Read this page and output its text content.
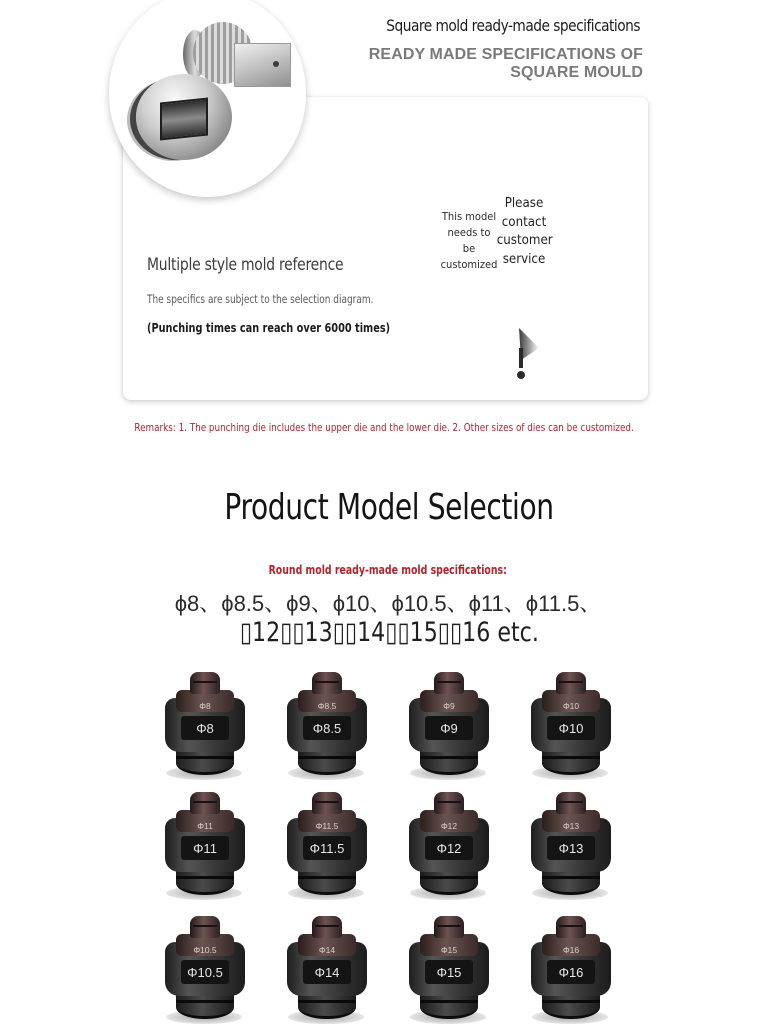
Square mold ready-made specifications
READY MADE SPECIFICATIONS OF
SQUARE MOULD
Multiple style mold reference
The specifics are subject to the selection diagram.
(Punching times can reach over 6000 times)
This model
needs to
be
customized
Please
contact
customer
service
Remarks: 1. The punching die includes the upper die and the lower die. 2. Other sizes of dies can be customized.
Product Model Selection
Round mold ready-made mold specifications:
ϕ8、ϕ8.5、ϕ9、ϕ10、ϕ10.5、ϕ11、ϕ11.5、
▯12▯▯13▯▯14▯▯15▯▯16 etc.
Φ8
Φ8
Φ8.5
Φ8.5
Φ9
Φ9
Φ10
Φ10
Φ11
Φ11
Φ11.5
Φ11.5
Φ12
Φ12
Φ13
Φ13
Φ10.5
Φ10.5
Φ14
Φ14
Φ15
Φ15
Φ16
Φ16
